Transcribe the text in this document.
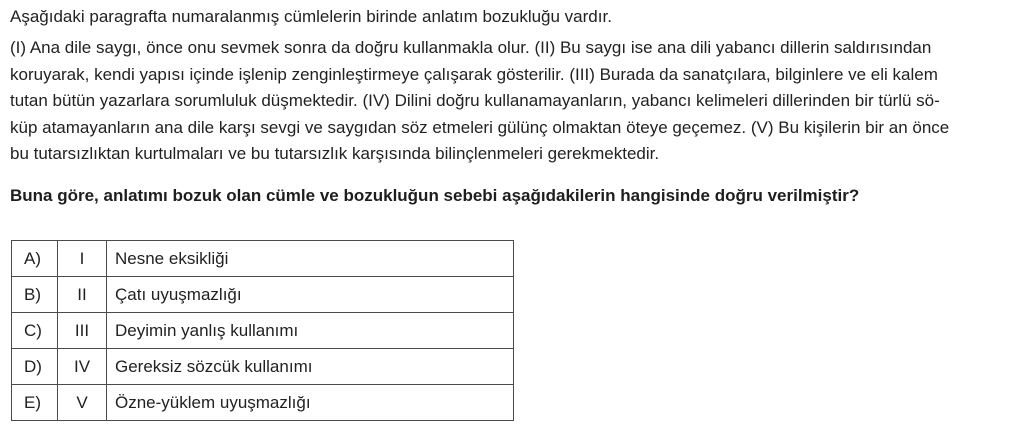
Aşağıdaki paragrafta numaralanmış cümlelerin birinde anlatım bozukluğu vardır.
(I) Ana dile saygı, önce onu sevmek sonra da doğru kullanmakla olur. (II) Bu saygı ise ana dili yabancı dillerin saldırısından
koruyarak, kendi yapısı içinde işlenip zenginleştirmeye çalışarak gösterilir. (III) Burada da sanatçılara, bilginlere ve eli kalem
tutan bütün yazarlara sorumluluk düşmektedir. (IV) Dilini doğru kullanamayanların, yabancı kelimeleri dillerinden bir türlü sö-
küp atamayanların ana dile karşı sevgi ve saygıdan söz etmeleri gülünç olmaktan öteye geçemez. (V) Bu kişilerin bir an önce
bu tutarsızlıktan kurtulmaları ve bu tutarsızlık karşısında bilinçlenmeleri gerekmektedir.
Buna göre, anlatımı bozuk olan cümle ve bozukluğun sebebi aşağıdakilerin hangisinde doğru verilmiştir?
A)	I	Nesne eksikliği
B)	II	Çatı uyuşmazlığı
C)	III	Deyimin yanlış kullanımı
D)	IV	Gereksiz sözcük kullanımı
E)	V	Özne-yüklem uyuşmazlığı
